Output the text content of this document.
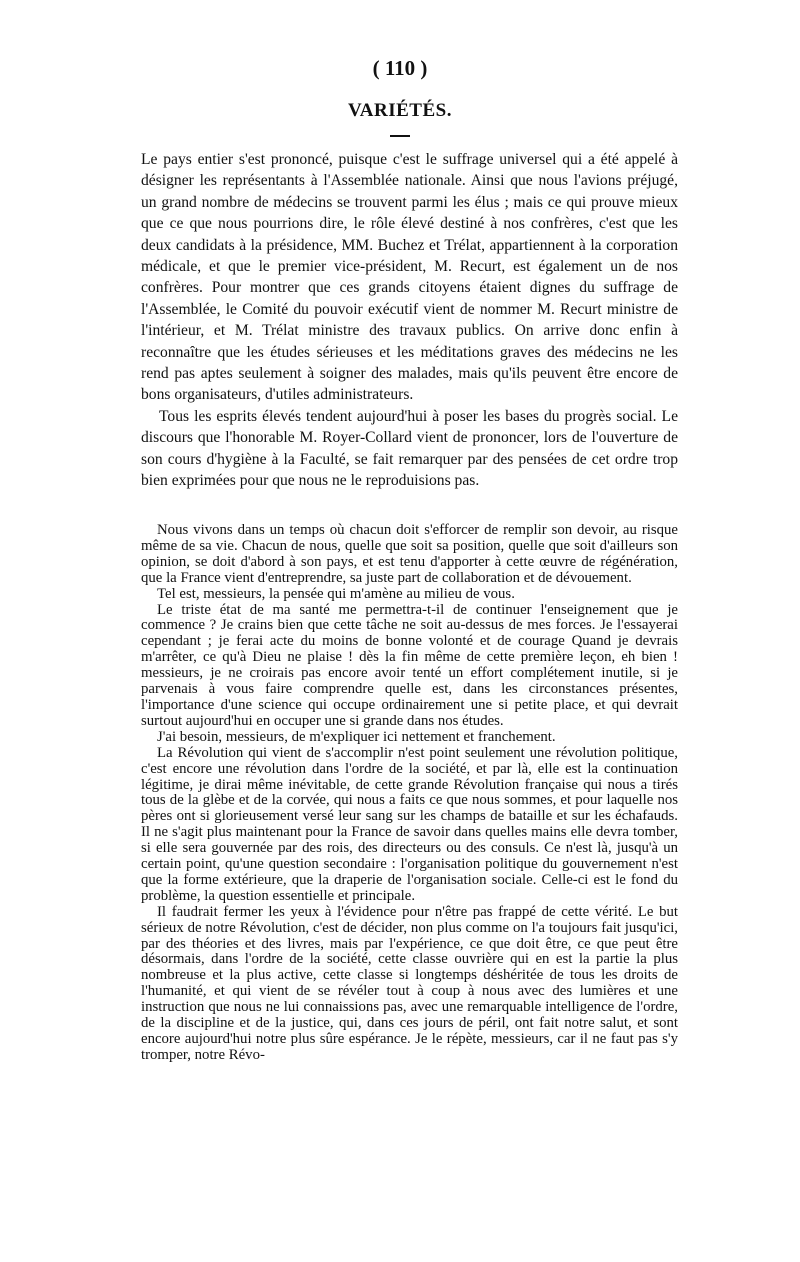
( 110 )
VARIÉTÉS.

Le pays entier s'est prononcé, puisque c'est le suffrage universel qui a été appelé à désigner les représentants à l'Assemblée nationale. Ainsi que nous l'avions préjugé, un grand nombre de médecins se trouvent parmi les élus ; mais ce qui prouve mieux que ce que nous pourrions dire, le rôle élevé destiné à nos confrères, c'est que les deux candidats à la présidence, MM. Buchez et Trélat, appartiennent à la corporation médicale, et que le premier vice-président, M. Recurt, est également un de nos confrères. Pour montrer que ces grands citoyens étaient dignes du suffrage de l'Assemblée, le Comité du pouvoir exécutif vient de nommer M. Recurt ministre de l'intérieur, et M. Trélat ministre des travaux publics. On arrive donc enfin à reconnaître que les études sérieuses et les méditations graves des médecins ne les rend pas aptes seulement à soigner des malades, mais qu'ils peuvent être encore de bons organisateurs, d'utiles administrateurs.

Tous les esprits élevés tendent aujourd'hui à poser les bases du progrès social. Le discours que l'honorable M. Royer-Collard vient de prononcer, lors de l'ouverture de son cours d'hygiène à la Faculté, se fait remarquer par des pensées de cet ordre trop bien exprimées pour que nous ne le reproduisions pas.

Nous vivons dans un temps où chacun doit s'efforcer de remplir son devoir, au risque même de sa vie. Chacun de nous, quelle que soit sa position, quelle que soit d'ailleurs son opinion, se doit d'abord à son pays, et est tenu d'apporter à cette œuvre de régénération, que la France vient d'entreprendre, sa juste part de collaboration et de dévouement.

Tel est, messieurs, la pensée qui m'amène au milieu de vous.

Le triste état de ma santé me permettra-t-il de continuer l'enseignement que je commence ? Je crains bien que cette tâche ne soit au-dessus de mes forces. Je l'essayerai cependant ; je ferai acte du moins de bonne volonté et de courage Quand je devrais m'arrêter, ce qu'à Dieu ne plaise ! dès la fin même de cette première leçon, eh bien ! messieurs, je ne croirais pas encore avoir tenté un effort complétement inutile, si je parvenais à vous faire comprendre quelle est, dans les circonstances présentes, l'importance d'une science qui occupe ordinairement une si petite place, et qui devrait surtout aujourd'hui en occuper une si grande dans nos études.

J'ai besoin, messieurs, de m'expliquer ici nettement et franchement.

La Révolution qui vient de s'accomplir n'est point seulement une révolution politique, c'est encore une révolution dans l'ordre de la société, et par là, elle est la continuation légitime, je dirai même inévitable, de cette grande Révolution française qui nous a tirés tous de la glèbe et de la corvée, qui nous a faits ce que nous sommes, et pour laquelle nos pères ont si glorieusement versé leur sang sur les champs de bataille et sur les échafauds. Il ne s'agit plus maintenant pour la France de savoir dans quelles mains elle devra tomber, si elle sera gouvernée par des rois, des directeurs ou des consuls. Ce n'est là, jusqu'à un certain point, qu'une question secondaire : l'organisation politique du gouvernement n'est que la forme extérieure, que la draperie de l'organisation sociale. Celle-ci est le fond du problème, la question essentielle et principale.

Il faudrait fermer les yeux à l'évidence pour n'être pas frappé de cette vérité. Le but sérieux de notre Révolution, c'est de décider, non plus comme on l'a toujours fait jusqu'ici, par des théories et des livres, mais par l'expérience, ce que doit être, ce que peut être désormais, dans l'ordre de la société, cette classe ouvrière qui en est la partie la plus nombreuse et la plus active, cette classe si longtemps déshéritée de tous les droits de l'humanité, et qui vient de se révéler tout à coup à nous avec des lumières et une instruction que nous ne lui connaissions pas, avec une remarquable intelligence de l'ordre, de la discipline et de la justice, qui, dans ces jours de péril, ont fait notre salut, et sont encore aujourd'hui notre plus sûre espérance. Je le répète, messieurs, car il ne faut pas s'y tromper, notre Révo-
